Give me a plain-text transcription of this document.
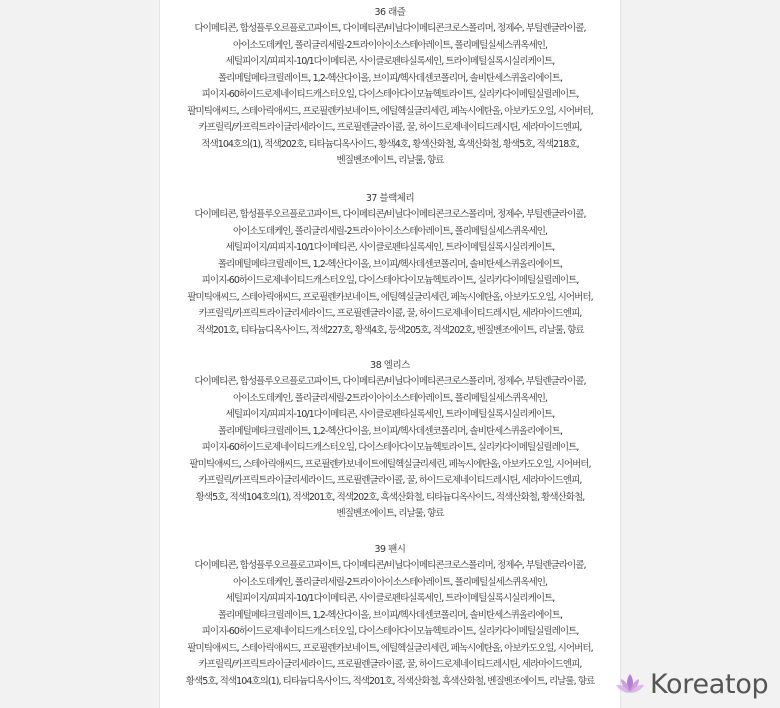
36 래즐
다이메티콘, 합성플루오르플로고파이트, 다이메티콘/비닐다이메티콘크로스폴리머, 정제수, 부틸렌글라이콜,
아이소도데케인, 폴리글리세릴-2트라이아이소스테아레이트, 폴리메틸실세스퀴옥세인,
세틸피이지/피피지-10/1다이메티콘, 사이클로펜타실록세인, 트라이메틸실록시실리케이트,
폴리메틸메타크릴레이트, 1,2-헥산다이올, 브이피/헥사데센코폴리머, 솔비탄세스퀴올리에이트,
피이지-60하이드로제네이티드캐스터오일, 다이스테아다이모늄헥토라이트, 실리카다이메틸실릴레이트,
팔미틱애씨드, 스테아릭애씨드, 프로필렌카보네이트, 에틸헥실글리세린, 페녹시에탄올, 아보카도오일, 시어버터,
카프릴릭/카프릭트라이글리세라이드, 프로필렌글라이콜, 꿀, 하이드로제네이티드레시틴, 세라마이드엔피,
적색104호의(1), 적색202호, 티타늄디옥사이드, 황색4호, 황색산화철, 흑색산화철, 황색5호, 적색218호,
벤질벤조에이트, 리날룰, 향료
37 블랙체리
다이메티콘, 합성플루오르플로고파이트, 다이메티콘/비닐다이메티콘크로스폴리머, 정제수, 부틸렌글라이콜,
아이소도데케인, 폴리글리세릴-2트라이아이소스테아레이트, 폴리메틸실세스퀴옥세인,
세틸피이지/피피지-10/1다이메티콘, 사이클로펜타실록세인, 트라이메틸실록시실리케이트,
폴리메틸메타크릴레이트, 1,2-헥산다이올, 브이피/헥사데센코폴리머, 솔비탄세스퀴올리에이트,
피이지-60하이드로제네이티드캐스터오일, 다이스테아다이모늄헥토라이트, 실리카다이메틸실릴레이트,
팔미틱애씨드, 스테아릭애씨드, 프로필렌카보네이트, 에틸헥실글리세린, 페녹시에탄올, 아보카도오일, 시어버터,
카프릴릭/카프릭트라이글리세라이드, 프로필렌글라이콜, 꿀, 하이드로제네이티드레시틴, 세라마이드엔피,
적색201호, 티타늄디옥사이드, 적색227호, 황색4호, 등색205호, 적색202호, 벤질벤조에이트, 리날룰, 향료
38 엘리스
다이메티콘, 합성플루오르플로고파이트, 다이메티콘/비닐다이메티콘크로스폴리머, 정제수, 부틸렌글라이콜,
아이소도데케인, 폴리글리세릴-2트라이아이소스테아레이트, 폴리메틸실세스퀴옥세인,
세틸피이지/피피지-10/1다이메티콘, 사이클로펜타실록세인, 트라이메틸실록시실리케이트,
폴리메틸메타크릴레이트, 1,2-헥산다이올, 브이피/헥사데센코폴리머, 솔비탄세스퀴올리에이트,
피이지-60하이드로제네이티드캐스터오일, 다이스테아다이모늄헥토라이트, 실리카다이메틸실릴레이트,
팔미틱애씨드, 스테아릭애씨드, 프로필렌카보네이트에틸헥실글리세린, 페녹시에탄올, 아보카도오일, 시어버터,
카프릴릭/카프릭트라이글리세라이드, 프로필렌글라이콜, 꿀, 하이드로제네이티드레시틴, 세라마이드엔피,
황색5호, 적색104호의(1), 적색201호, 적색202호, 흑색산화철, 티타늄디옥사이드, 적색산화철, 황색산화철,
벤질벤조에이트, 리날룰, 향료
39 팬시
다이메티콘, 합성플루오르플로고파이트, 다이메티콘/비닐다이메티콘크로스폴리머, 정제수, 부틸렌글라이콜,
아이소도데케인, 폴리글리세릴-2트라이아이소스테아레이트, 폴리메틸실세스퀴옥세인,
세틸피이지/피피지-10/1다이메티콘, 사이클로펜타실록세인, 트라이메틸실록시실리케이트,
폴리메틸메타크릴레이트, 1,2-헥산다이올, 브이피/헥사데센코폴리머, 솔비탄세스퀴올리에이트,
피이지-60하이드로제네이티드캐스터오일, 다이스테아다이모늄헥토라이트, 실리카다이메틸실릴레이트,
팔미틱애씨드, 스테아릭애씨드, 프로필렌카보네이트, 에틸헥실글리세린, 페녹시에탄올, 아보카도오일, 시어버터,
카프릴릭/카프릭트라이글리세라이드, 프로필렌글라이콜, 꿀, 하이드로제네이티드레시틴, 세라마이드엔피,
황색5호, 적색104호의(1), 티타늄디옥사이드, 적색201호, 적색산화철, 흑색산화철, 벤질벤조에이트, 리날룰, 향료	Koreatop
